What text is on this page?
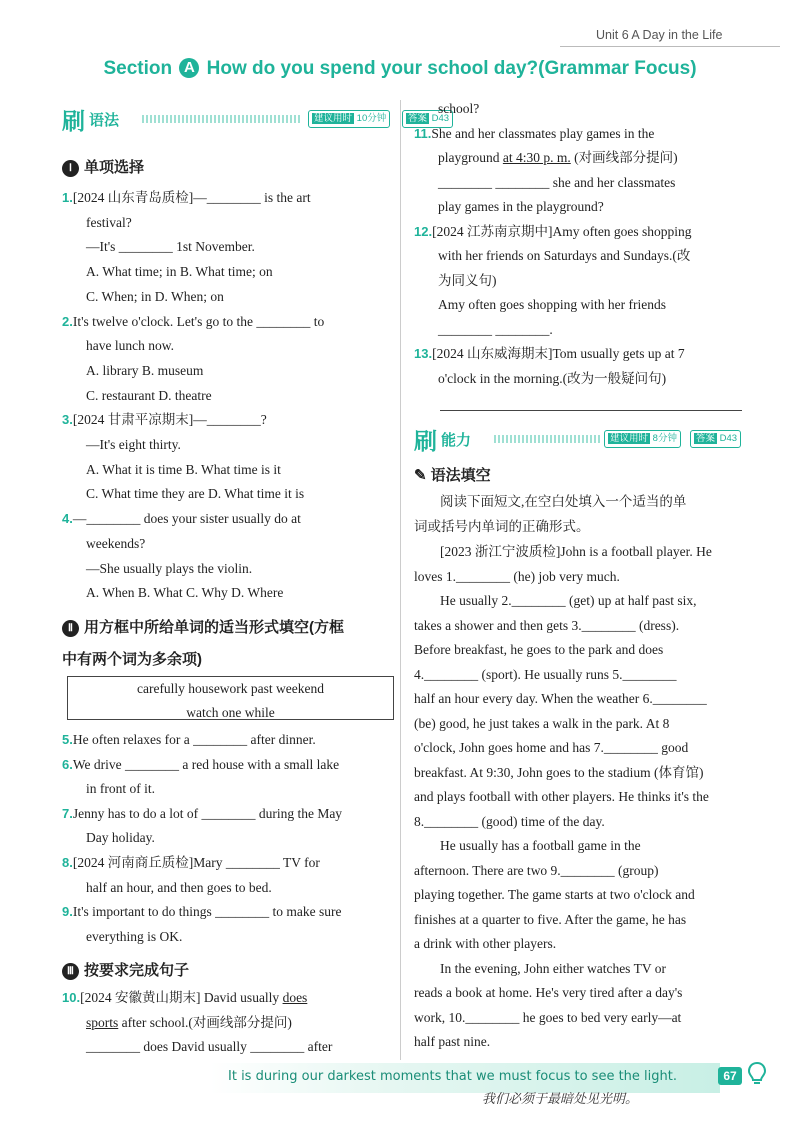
Unit 6 A Day in the Life
Section A How do you spend your school day?(Grammar Focus)
刷 语法	建议用时 10分钟	答案 D43
Ⅰ 单项选择
1.[2024 山东青岛质检]—________ is the art
festival?
—It's ________ 1st November.
A. What time; in B. What time; on
C. When; in D. When; on
2.It's twelve o'clock. Let's go to the ________ to
have lunch now.
A. library B. museum
C. restaurant D. theatre
3.[2024 甘肃平凉期末]—________?
—It's eight thirty.
A. What it is time B. What time is it
C. What time they are D. What time it is
4.—________ does your sister usually do at
weekends?
—She usually plays the violin.
A. When B. What C. Why D. Where
Ⅱ 用方框中所给单词的适当形式填空(方框
中有两个词为多余项)
carefully housework past weekend
watch one while
5.He often relaxes for a ________ after dinner.
6.We drive ________ a red house with a small lake
in front of it.
7.Jenny has to do a lot of ________ during the May
Day holiday.
8.[2024 河南商丘质检]Mary ________ TV for
half an hour, and then goes to bed.
9.It's important to do things ________ to make sure
everything is OK.
Ⅲ 按要求完成句子
10.[2024 安徽黄山期末] David usually does
sports after school.(对画线部分提问)
________ does David usually ________ after
school?
11.She and her classmates play games in the
playground at 4:30 p. m. (对画线部分提问)
________ ________ she and her classmates
play games in the playground?
12.[2024 江苏南京期中]Amy often goes shopping
with her friends on Saturdays and Sundays.(改
为同义句)
Amy often goes shopping with her friends
________ ________.
13.[2024 山东威海期末]Tom usually gets up at 7
o'clock in the morning.(改为一般疑问句)
刷 能力	建议用时 8分钟	答案 D43
✎ 语法填空
阅读下面短文,在空白处填入一个适当的单
词或括号内单词的正确形式。
[2023 浙江宁波质检]John is a football player. He
loves 1.________ (he) job very much.
He usually 2.________ (get) up at half past six,
takes a shower and then gets 3.________ (dress).
Before breakfast, he goes to the park and does
4.________ (sport). He usually runs 5.________
half an hour every day. When the weather 6.________
(be) good, he just takes a walk in the park. At 8
o'clock, John goes home and has 7.________ good
breakfast. At 9:30, John goes to the stadium (体育馆)
and plays football with other players. He thinks it's the
8.________ (good) time of the day.
He usually has a football game in the
afternoon. There are two 9.________ (group)
playing together. The game starts at two o'clock and
finishes at a quarter to five. After the game, he has
a drink with other players.
In the evening, John either watches TV or
reads a book at home. He's very tired after a day's
work, 10.________ he goes to bed very early—at
half past nine.
It is during our darkest moments that we must focus to see the light.
我们必须于最暗处见光明。
67
